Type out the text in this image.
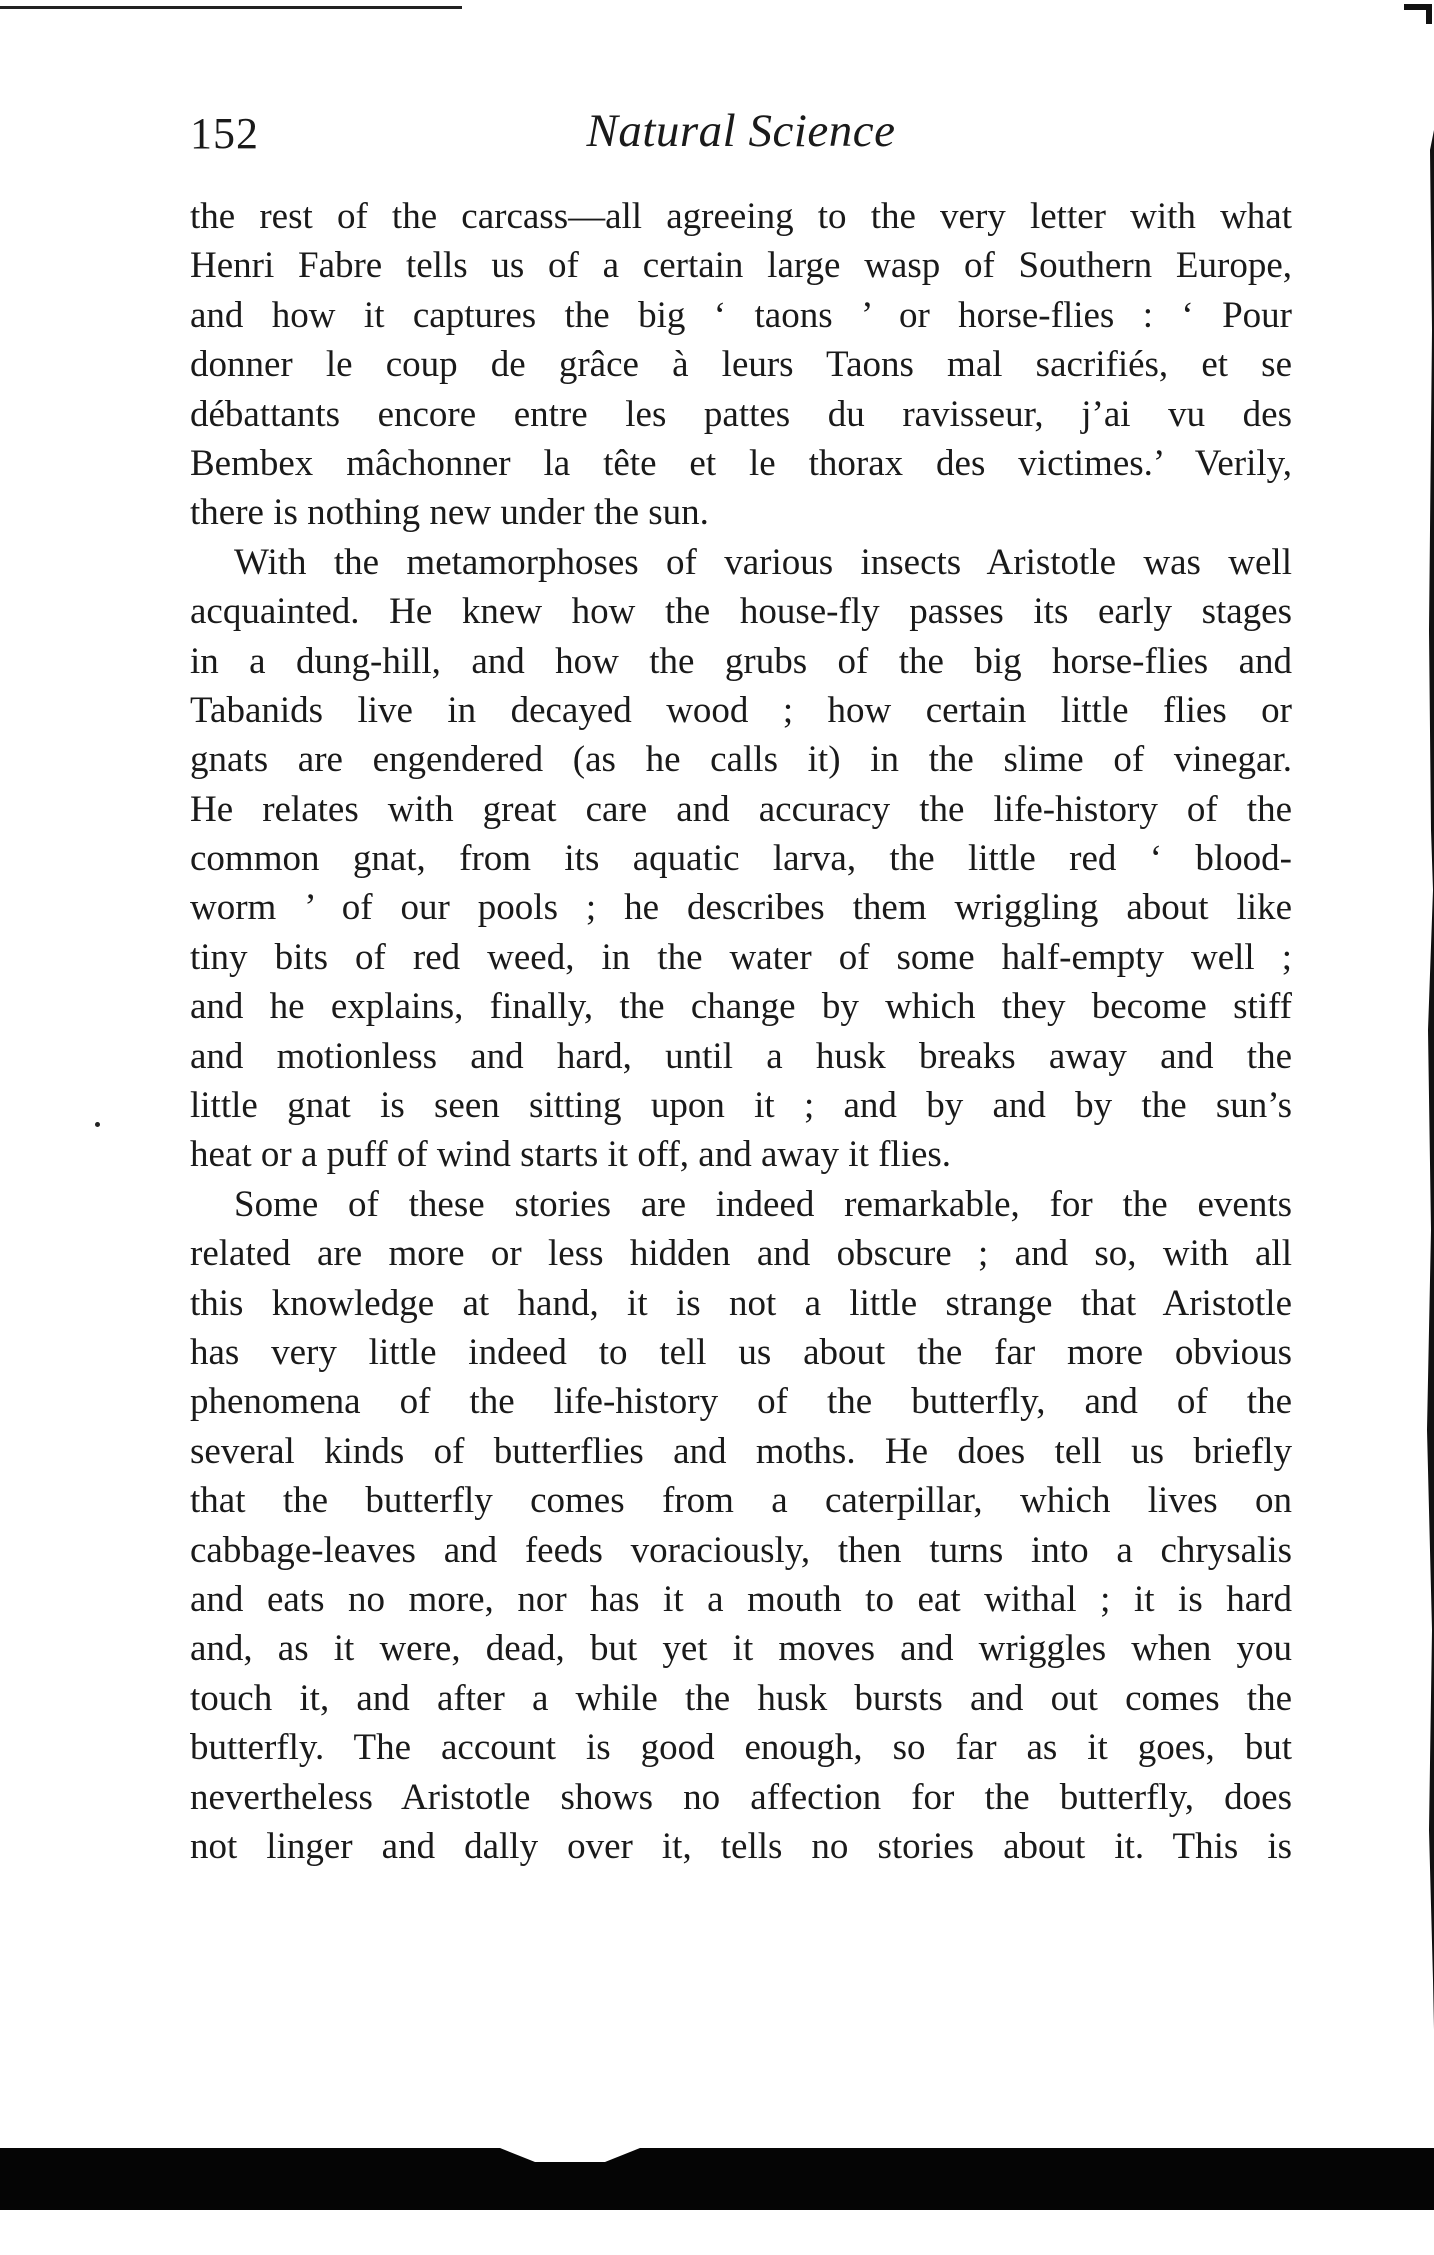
152	Natural Science
the rest of the carcass—all agreeing to the very letter with what
Henri Fabre tells us of a certain large wasp of Southern Europe,
and how it captures the big ‘ taons ’ or horse-flies : ‘ Pour
donner le coup de grâce à leurs Taons mal sacrifiés, et se
débattants encore entre les pattes du ravisseur, j’ai vu des
Bembex mâchonner la tête et le thorax des victimes.’ Verily,
there is nothing new under the sun.
With the metamorphoses of various insects Aristotle was well
acquainted. He knew how the house-fly passes its early stages
in a dung-hill, and how the grubs of the big horse-flies and
Tabanids live in decayed wood ; how certain little flies or
gnats are engendered (as he calls it) in the slime of vinegar.
He relates with great care and accuracy the life-history of the
common gnat, from its aquatic larva, the little red ‘ blood-
worm ’ of our pools ; he describes them wriggling about like
tiny bits of red weed, in the water of some half-empty well ;
and he explains, finally, the change by which they become stiff
and motionless and hard, until a husk breaks away and the
little gnat is seen sitting upon it ; and by and by the sun’s
heat or a puff of wind starts it off, and away it flies.
Some of these stories are indeed remarkable, for the events
related are more or less hidden and obscure ; and so, with all
this knowledge at hand, it is not a little strange that Aristotle
has very little indeed to tell us about the far more obvious
phenomena of the life-history of the butterfly, and of the
several kinds of butterflies and moths. He does tell us briefly
that the butterfly comes from a caterpillar, which lives on
cabbage-leaves and feeds voraciously, then turns into a chrysalis
and eats no more, nor has it a mouth to eat withal ; it is hard
and, as it were, dead, but yet it moves and wriggles when you
touch it, and after a while the husk bursts and out comes the
butterfly. The account is good enough, so far as it goes, but
nevertheless Aristotle shows no affection for the butterfly, does
not linger and dally over it, tells no stories about it. This is
